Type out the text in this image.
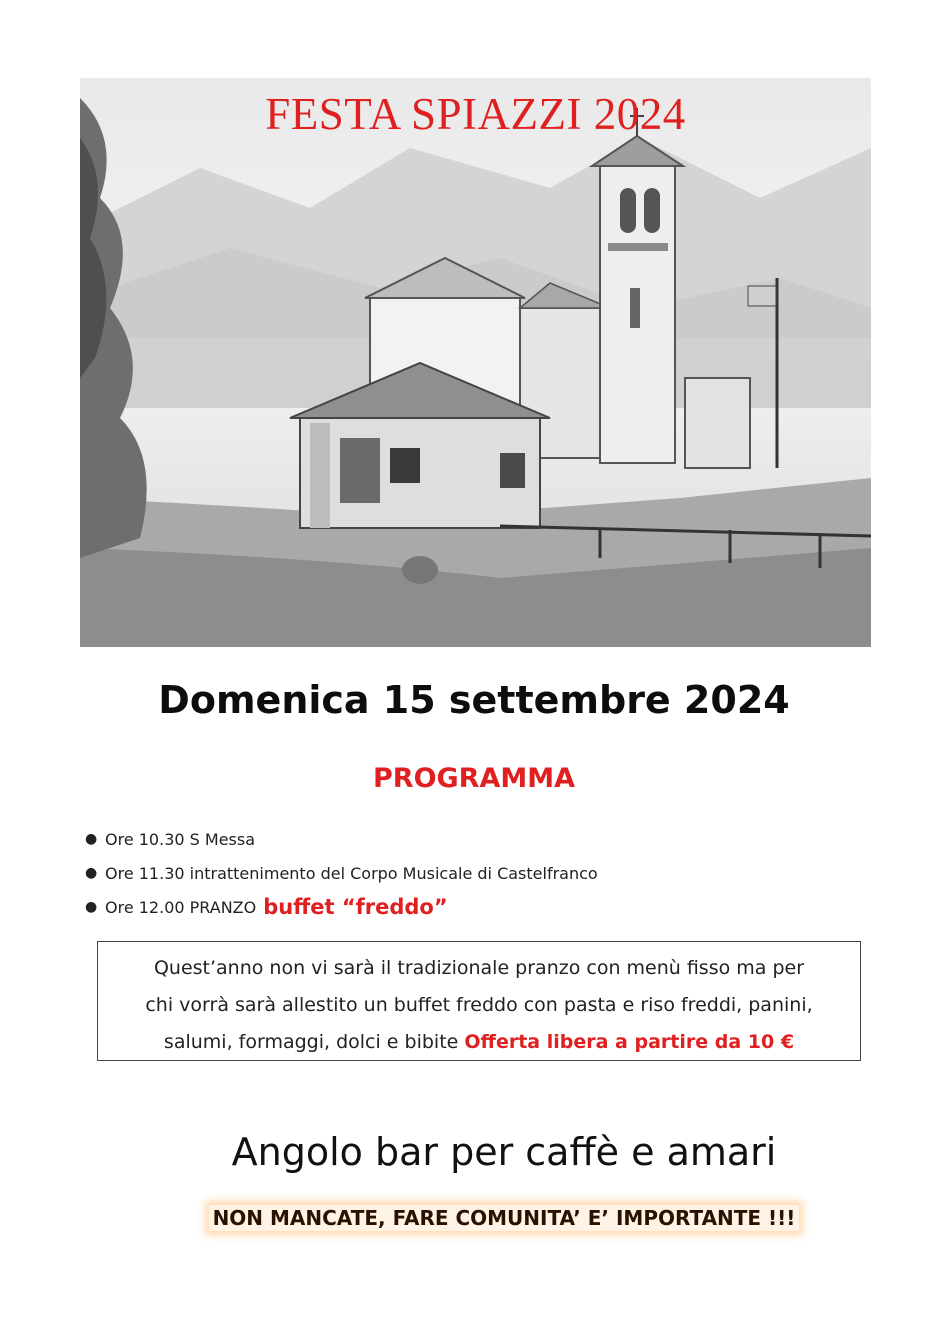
FESTA SPIAZZI 2024
Domenica 15 settembre 2024
PROGRAMMA
● Ore 10.30 S Messa
● Ore 11.30 intrattenimento del Corpo Musicale di Castelfranco
● Ore 12.00 PRANZO buffet “freddo”
Quest’anno non vi sarà il tradizionale pranzo con menù fisso ma per
chi vorrà sarà allestito un buffet freddo con pasta e riso freddi, panini,
salumi, formaggi, dolci e bibite Offerta libera a partire da 10 €

Angolo bar per caffè e amari

NON MANCATE, FARE COMUNITA’ E’ IMPORTANTE !!!
